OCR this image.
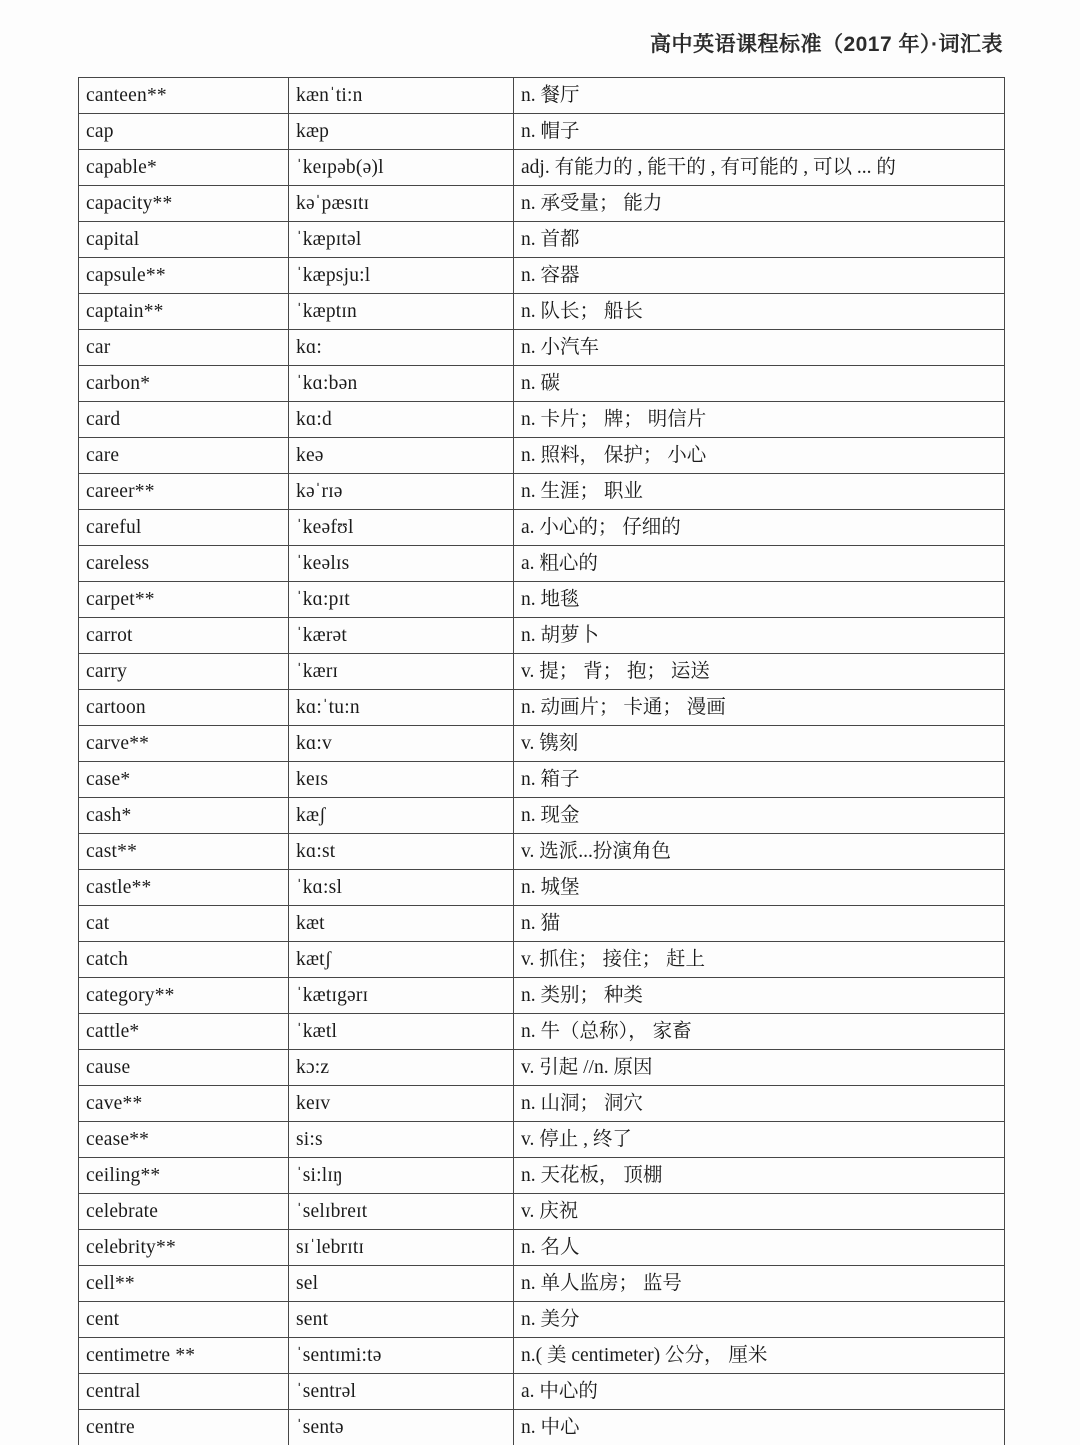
高中英语课程标准（2017 年）·词汇表
canteen**	kænˈti:n	n. 餐厅
cap	kæp	n. 帽子
capable*	ˈkeɪpəb(ə)l	adj. 有能力的 , 能干的 , 有可能的 , 可以 ... 的
capacity**	kəˈpæsɪtɪ	n. 承受量； 能力
capital	ˈkæpɪtəl	n. 首都
capsule**	ˈkæpsju:l	n. 容器
captain**	ˈkæptɪn	n. 队长； 船长
car	kɑ:	n. 小汽车
carbon*	ˈkɑ:bən	n. 碳
card	kɑ:d	n. 卡片； 牌； 明信片
care	keə	n. 照料， 保护； 小心
career**	kəˈrɪə	n. 生涯； 职业
careful	ˈkeəfʊl	a. 小心的； 仔细的
careless	ˈkeəlɪs	a. 粗心的
carpet**	ˈkɑ:pɪt	n. 地毯
carrot	ˈkærət	n. 胡萝卜
carry	ˈkærɪ	v. 提； 背； 抱； 运送
cartoon	kɑ:ˈtu:n	n. 动画片； 卡通； 漫画
carve**	kɑ:v	v. 镌刻
case*	keɪs	n. 箱子
cash*	kæʃ	n. 现金
cast**	kɑ:st	v. 选派...扮演角色
castle**	ˈkɑ:sl	n. 城堡
cat	kæt	n. 猫
catch	kætʃ	v. 抓住； 接住； 赶上
category**	ˈkætɪgərɪ	n. 类别； 种类
cattle*	ˈkætl	n. 牛（总称）， 家畜
cause	kɔ:z	v. 引起 //n. 原因
cave**	keɪv	n. 山洞； 洞穴
cease**	si:s	v. 停止 , 终了
ceiling**	ˈsi:lɪŋ	n. 天花板， 顶棚
celebrate	ˈselɪbreɪt	v. 庆祝
celebrity**	sɪˈlebrɪtɪ	n. 名人
cell**	sel	n. 单人监房； 监号
cent	sent	n. 美分
centimetre **	ˈsentɪmi:tə	n.( 美 centimeter) 公分， 厘米
central	ˈsentrəl	a. 中心的
centre	ˈsentə	n. 中心
